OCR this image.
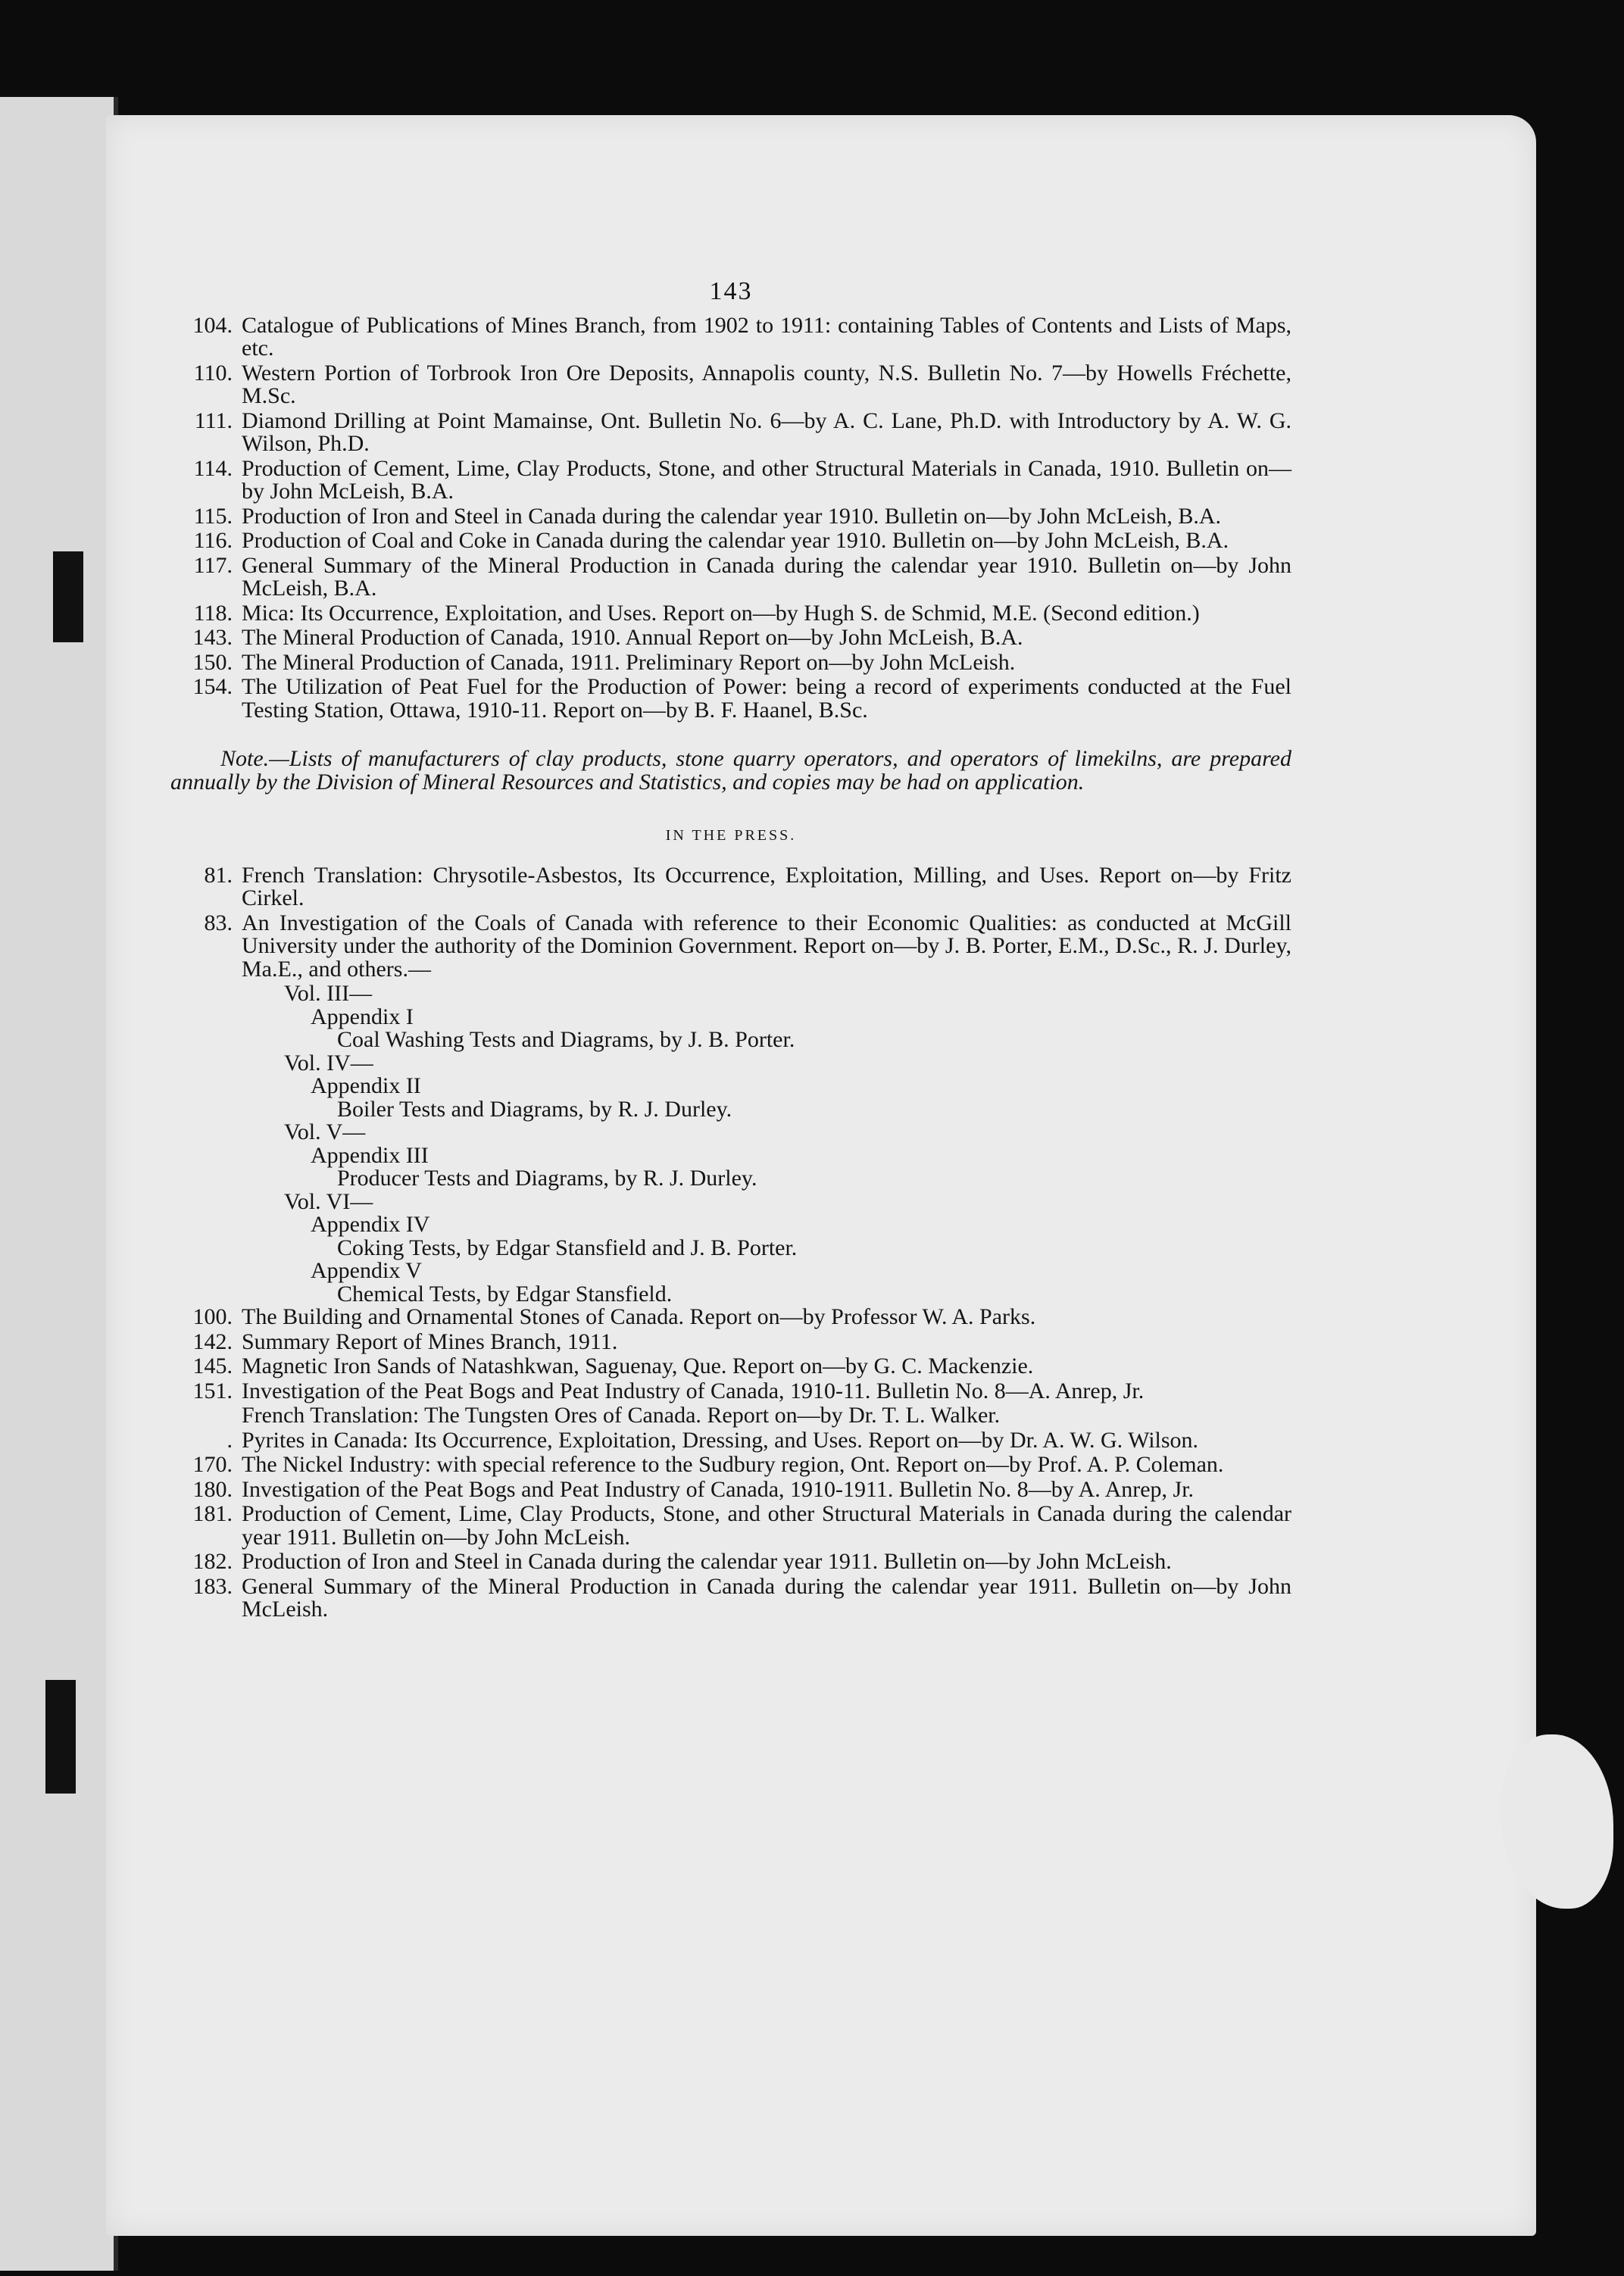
143
104. Catalogue of Publications of Mines Branch, from 1902 to 1911: containing Tables of Contents and Lists of Maps, etc.
110. Western Portion of Torbrook Iron Ore Deposits, Annapolis county, N.S. Bulletin No. 7—by Howells Fréchette, M.Sc.
111. Diamond Drilling at Point Mamainse, Ont. Bulletin No. 6—by A. C. Lane, Ph.D. with Introductory by A. W. G. Wilson, Ph.D.
114. Production of Cement, Lime, Clay Products, Stone, and other Structural Materials in Canada, 1910. Bulletin on—by John McLeish, B.A.
115. Production of Iron and Steel in Canada during the calendar year 1910. Bulletin on—by John McLeish, B.A.
116. Production of Coal and Coke in Canada during the calendar year 1910. Bulletin on—by John McLeish, B.A.
117. General Summary of the Mineral Production in Canada during the calendar year 1910. Bulletin on—by John McLeish, B.A.
118. Mica: Its Occurrence, Exploitation, and Uses. Report on—by Hugh S. de Schmid, M.E. (Second edition.)
143. The Mineral Production of Canada, 1910. Annual Report on—by John McLeish, B.A.
150. The Mineral Production of Canada, 1911. Preliminary Report on—by John McLeish.
154. The Utilization of Peat Fuel for the Production of Power: being a record of experiments conducted at the Fuel Testing Station, Ottawa, 1910-11. Report on—by B. F. Haanel, B.Sc.
Note.—Lists of manufacturers of clay products, stone quarry operators, and operators of limekilns, are prepared annually by the Division of Mineral Resources and Statistics, and copies may be had on application.
IN THE PRESS.
81. French Translation: Chrysotile-Asbestos, Its Occurrence, Exploitation, Milling, and Uses. Report on—by Fritz Cirkel.
83. An Investigation of the Coals of Canada with reference to their Economic Qualities: as conducted at McGill University under the authority of the Dominion Government. Report on—by J. B. Porter, E.M., D.Sc., R. J. Durley, Ma.E., and others.—
Vol. III—
Appendix I
Coal Washing Tests and Diagrams, by J. B. Porter.
Vol. IV—
Appendix II
Boiler Tests and Diagrams, by R. J. Durley.
Vol. V—
Appendix III
Producer Tests and Diagrams, by R. J. Durley.
Vol. VI—
Appendix IV
Coking Tests, by Edgar Stansfield and J. B. Porter.
Appendix V
Chemical Tests, by Edgar Stansfield.
100. The Building and Ornamental Stones of Canada. Report on—by Professor W. A. Parks.
142. Summary Report of Mines Branch, 1911.
145. Magnetic Iron Sands of Natashkwan, Saguenay, Que. Report on—by G. C. Mackenzie.
151. Investigation of the Peat Bogs and Peat Industry of Canada, 1910-11. Bulletin No. 8—A. Anrep, Jr.
French Translation: The Tungsten Ores of Canada. Report on—by Dr. T. L. Walker.
. Pyrites in Canada: Its Occurrence, Exploitation, Dressing, and Uses. Report on—by Dr. A. W. G. Wilson.
170. The Nickel Industry: with special reference to the Sudbury region, Ont. Report on—by Prof. A. P. Coleman.
180. Investigation of the Peat Bogs and Peat Industry of Canada, 1910-1911. Bulletin No. 8—by A. Anrep, Jr.
181. Production of Cement, Lime, Clay Products, Stone, and other Structural Materials in Canada during the calendar year 1911. Bulletin on—by John McLeish.
182. Production of Iron and Steel in Canada during the calendar year 1911. Bulletin on—by John McLeish.
183. General Summary of the Mineral Production in Canada during the calendar year 1911. Bulletin on—by John McLeish.
